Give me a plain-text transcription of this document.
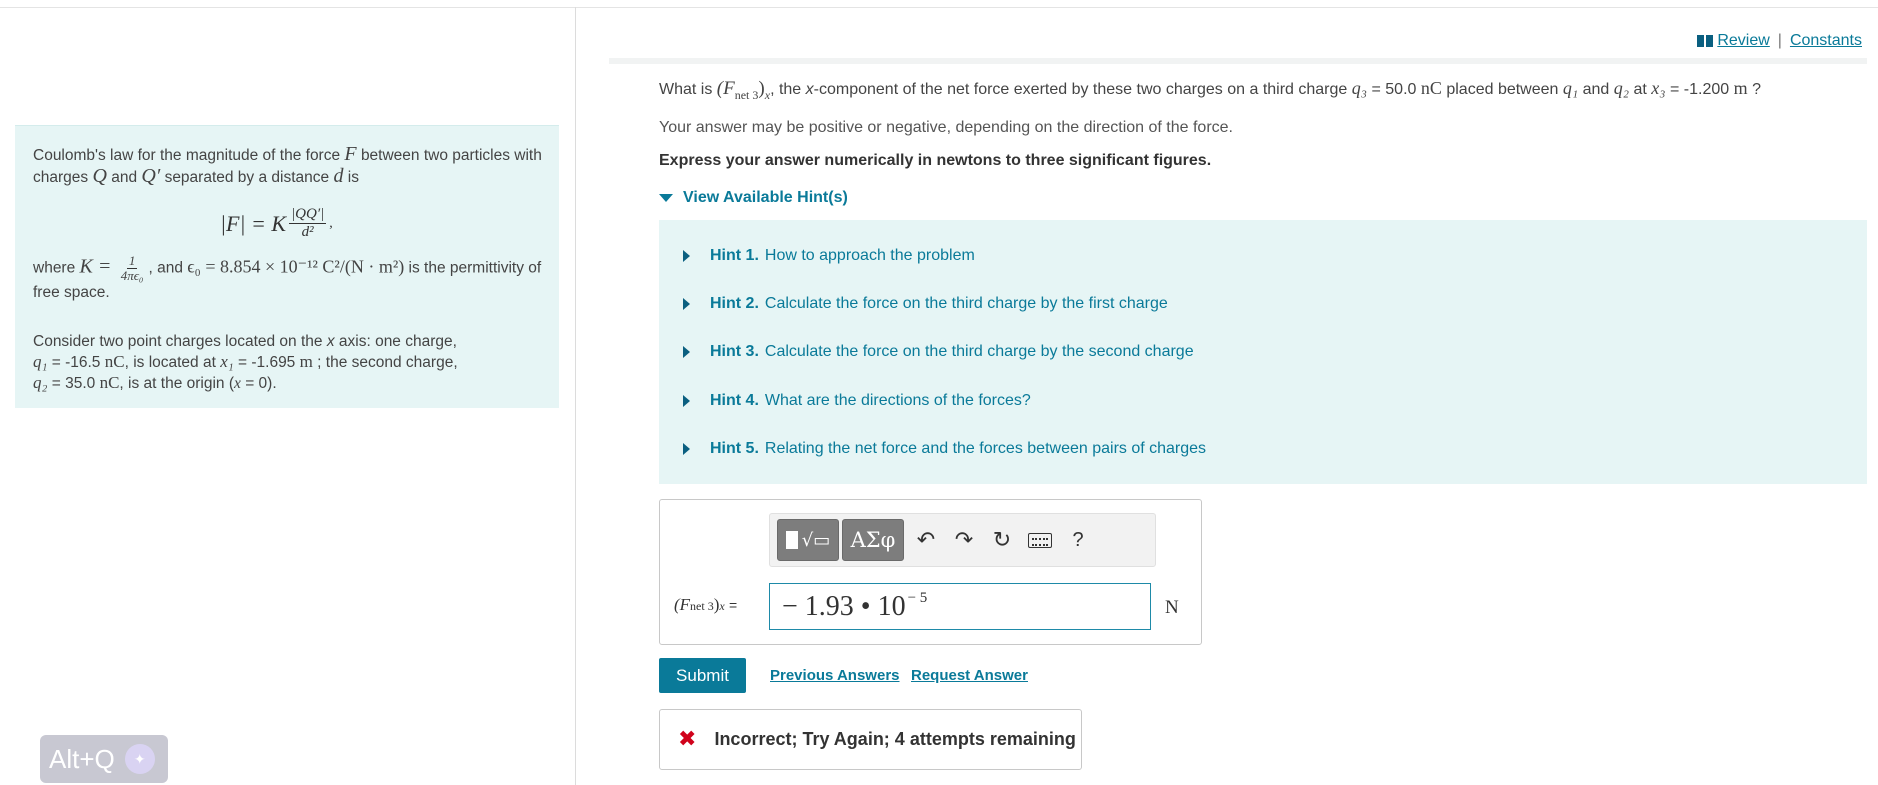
Coulomb's law for the magnitude of the force F between two particles with charges Q and Q′ separated by a distance d is
|F| = K $\frac{|QQ'|}{\text{d²}}$ ,
where $K = \frac{1}{\text{4πϵ₀}}$ , and ϵ₀ = 8.854 × 10⁻¹² C²/(N · m²) is the permittivity of free space.
Consider two point charges located on the x axis: one charge,
q₁ = -16.5 nC, is located at x₁ = -1.695 m ; the second charge,
q₂ = 35.0 nC, is at the origin (x = 0).
Alt+Q	✦
Review | Constants
What is $(F_{net 3})_x$, the x-component of the net force exerted by these two charges on a third charge q₃ = 50.0 nC placed between q₁ and q₂ at x₃ = -1.200 m ?
Your answer may be positive or negative, depending on the direction of the force.
Express your answer numerically in newtons to three significant figures.
View Available Hint(s)
Hint 1. How to approach the problem
Hint 2. Calculate the force on the third charge by the first charge
Hint 3. Calculate the force on the third charge by the second charge
Hint 4. What are the directions of the forces?
Hint 5. Relating the net force and the forces between pairs of charges
√▭ ΑΣφ ↶ ↷ ↻	?
(Fnet 3)x = − 1.93 • $10^{- 5}$	N
Submit	Previous Answers Request Answer
✖ Incorrect; Try Again; 4 attempts remaining
